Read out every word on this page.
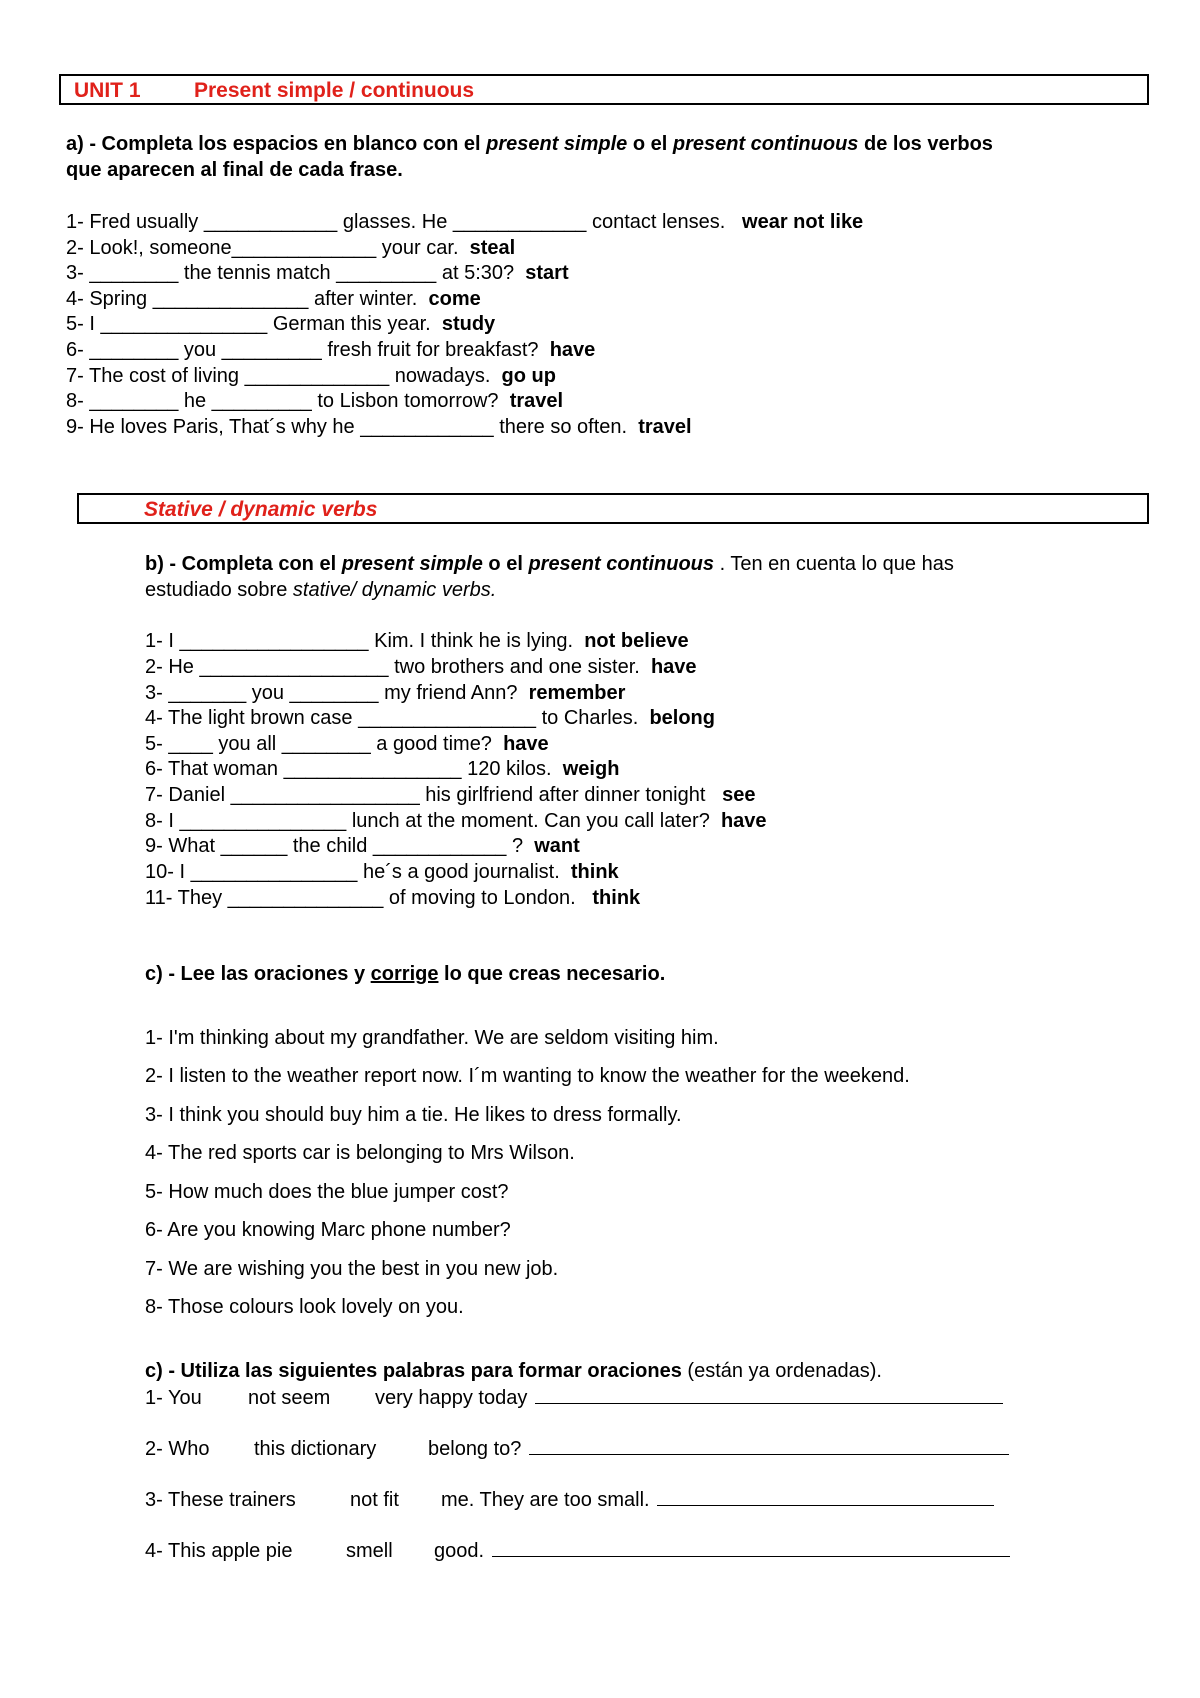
UNIT 1	Present simple / continuous
a) - Completa los espacios en blanco con el present simple o el present continuous de los verbos
que aparecen al final de cada frase.
1- Fred usually ____________ glasses. He ____________ contact lenses. wear not like
2- Look!, someone_____________ your car. steal
3- ________ the tennis match _________ at 5:30? start
4- Spring ______________ after winter. come
5- I _______________ German this year. study
6- ________ you _________ fresh fruit for breakfast? have
7- The cost of living _____________ nowadays. go up
8- ________ he _________ to Lisbon tomorrow? travel
9- He loves Paris, That´s why he ____________ there so often. travel
Stative / dynamic verbs
b) - Completa con el present simple o el present continuous . Ten en cuenta lo que has
estudiado sobre stative/ dynamic verbs.
1- I _________________ Kim. I think he is lying. not believe
2- He _________________ two brothers and one sister. have
3- _______ you ________ my friend Ann? remember
4- The light brown case ________________ to Charles. belong
5- ____ you all ________ a good time? have
6- That woman ________________ 120 kilos. weigh
7- Daniel _________________ his girlfriend after dinner tonight see
8- I _______________ lunch at the moment. Can you call later? have
9- What ______ the child ____________ ? want
10- I _______________ he´s a good journalist. think
11- They ______________ of moving to London. think
c) - Lee las oraciones y corrige lo que creas necesario.
1- I'm thinking about my grandfather. We are seldom visiting him.
2- I listen to the weather report now. I´m wanting to know the weather for the weekend.
3- I think you should buy him a tie. He likes to dress formally.
4- The red sports car is belonging to Mrs Wilson.
5- How much does the blue jumper cost?
6- Are you knowing Marc phone number?
7- We are wishing you the best in you new job.
8- Those colours look lovely on you.
c) - Utiliza las siguientes palabras para formar oraciones (están ya ordenadas).
1- You not seem very happy today
2- Who this dictionary	belong to?
3- These trainers	not fit me. They are too small.
4- This apple pie	smell good.
